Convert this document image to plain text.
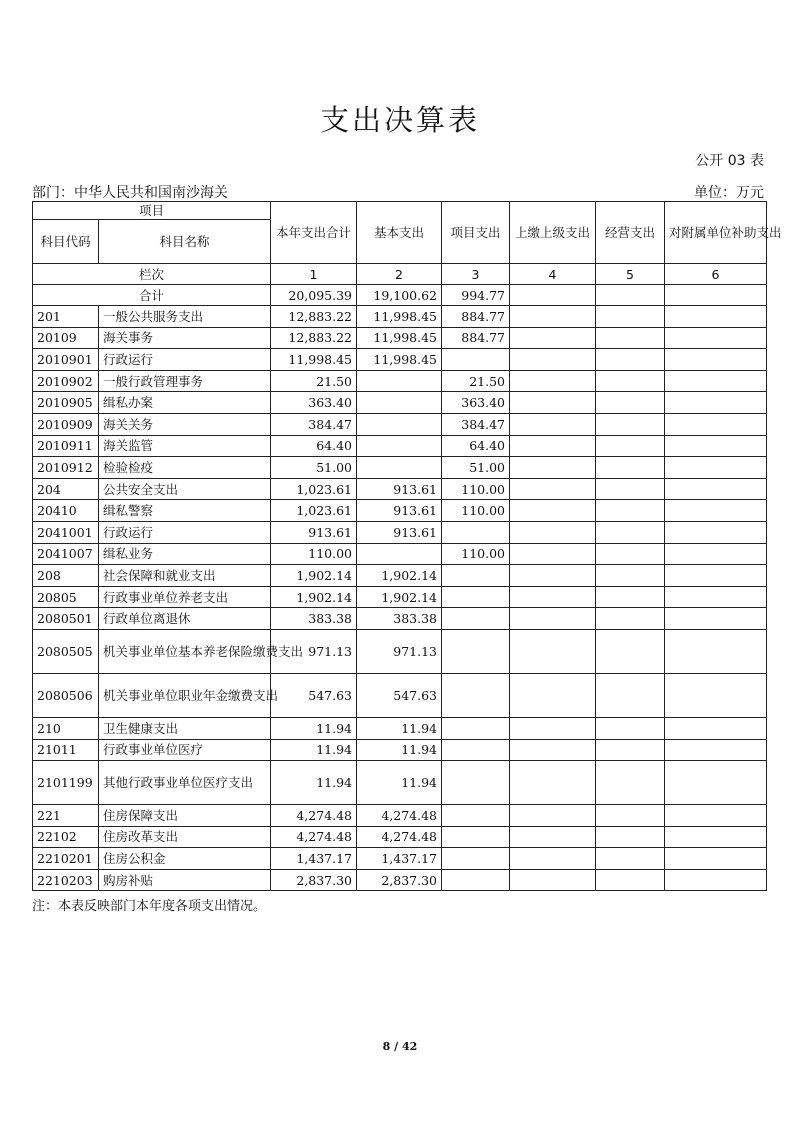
支出决算表
公开 03 表
部门：中华人民共和国南沙海关	单位：万元
项目		本年支出合计	基本支出	项目支出	上缴上级支出	经营支出	对附属单位补助支出
科目代码	科目名称						
栏次		1	2	3	4	5	6
合计		20,095.39	19,100.62	994.77			
201	一般公共服务支出	12,883.22	11,998.45	884.77			
20109	海关事务	12,883.22	11,998.45	884.77			
2010901	行政运行	11,998.45	11,998.45				
2010902	一般行政管理事务	21.50		21.50			
2010905	缉私办案	363.40		363.40			
2010909	海关关务	384.47		384.47			
2010911	海关监管	64.40		64.40			
2010912	检验检疫	51.00		51.00			
204	公共安全支出	1,023.61	913.61	110.00			
20410	缉私警察	1,023.61	913.61	110.00			
2041001	行政运行	913.61	913.61				
2041007	缉私业务	110.00		110.00			
208	社会保障和就业支出	1,902.14	1,902.14				
20805	行政事业单位养老支出	1,902.14	1,902.14				
2080501	行政单位离退休	383.38	383.38				
2080505	机关事业单位基本养老保险缴费支出	971.13	971.13				
2080506	机关事业单位职业年金缴费支出	547.63	547.63				
210	卫生健康支出	11.94	11.94				
21011	行政事业单位医疗	11.94	11.94				
2101199	其他行政事业单位医疗支出	11.94	11.94				
221	住房保障支出	4,274.48	4,274.48				
22102	住房改革支出	4,274.48	4,274.48				
2210201	住房公积金	1,437.17	1,437.17				
2210203	购房补贴	2,837.30	2,837.30				
注：本表反映部门本年度各项支出情况。
8 / 42
